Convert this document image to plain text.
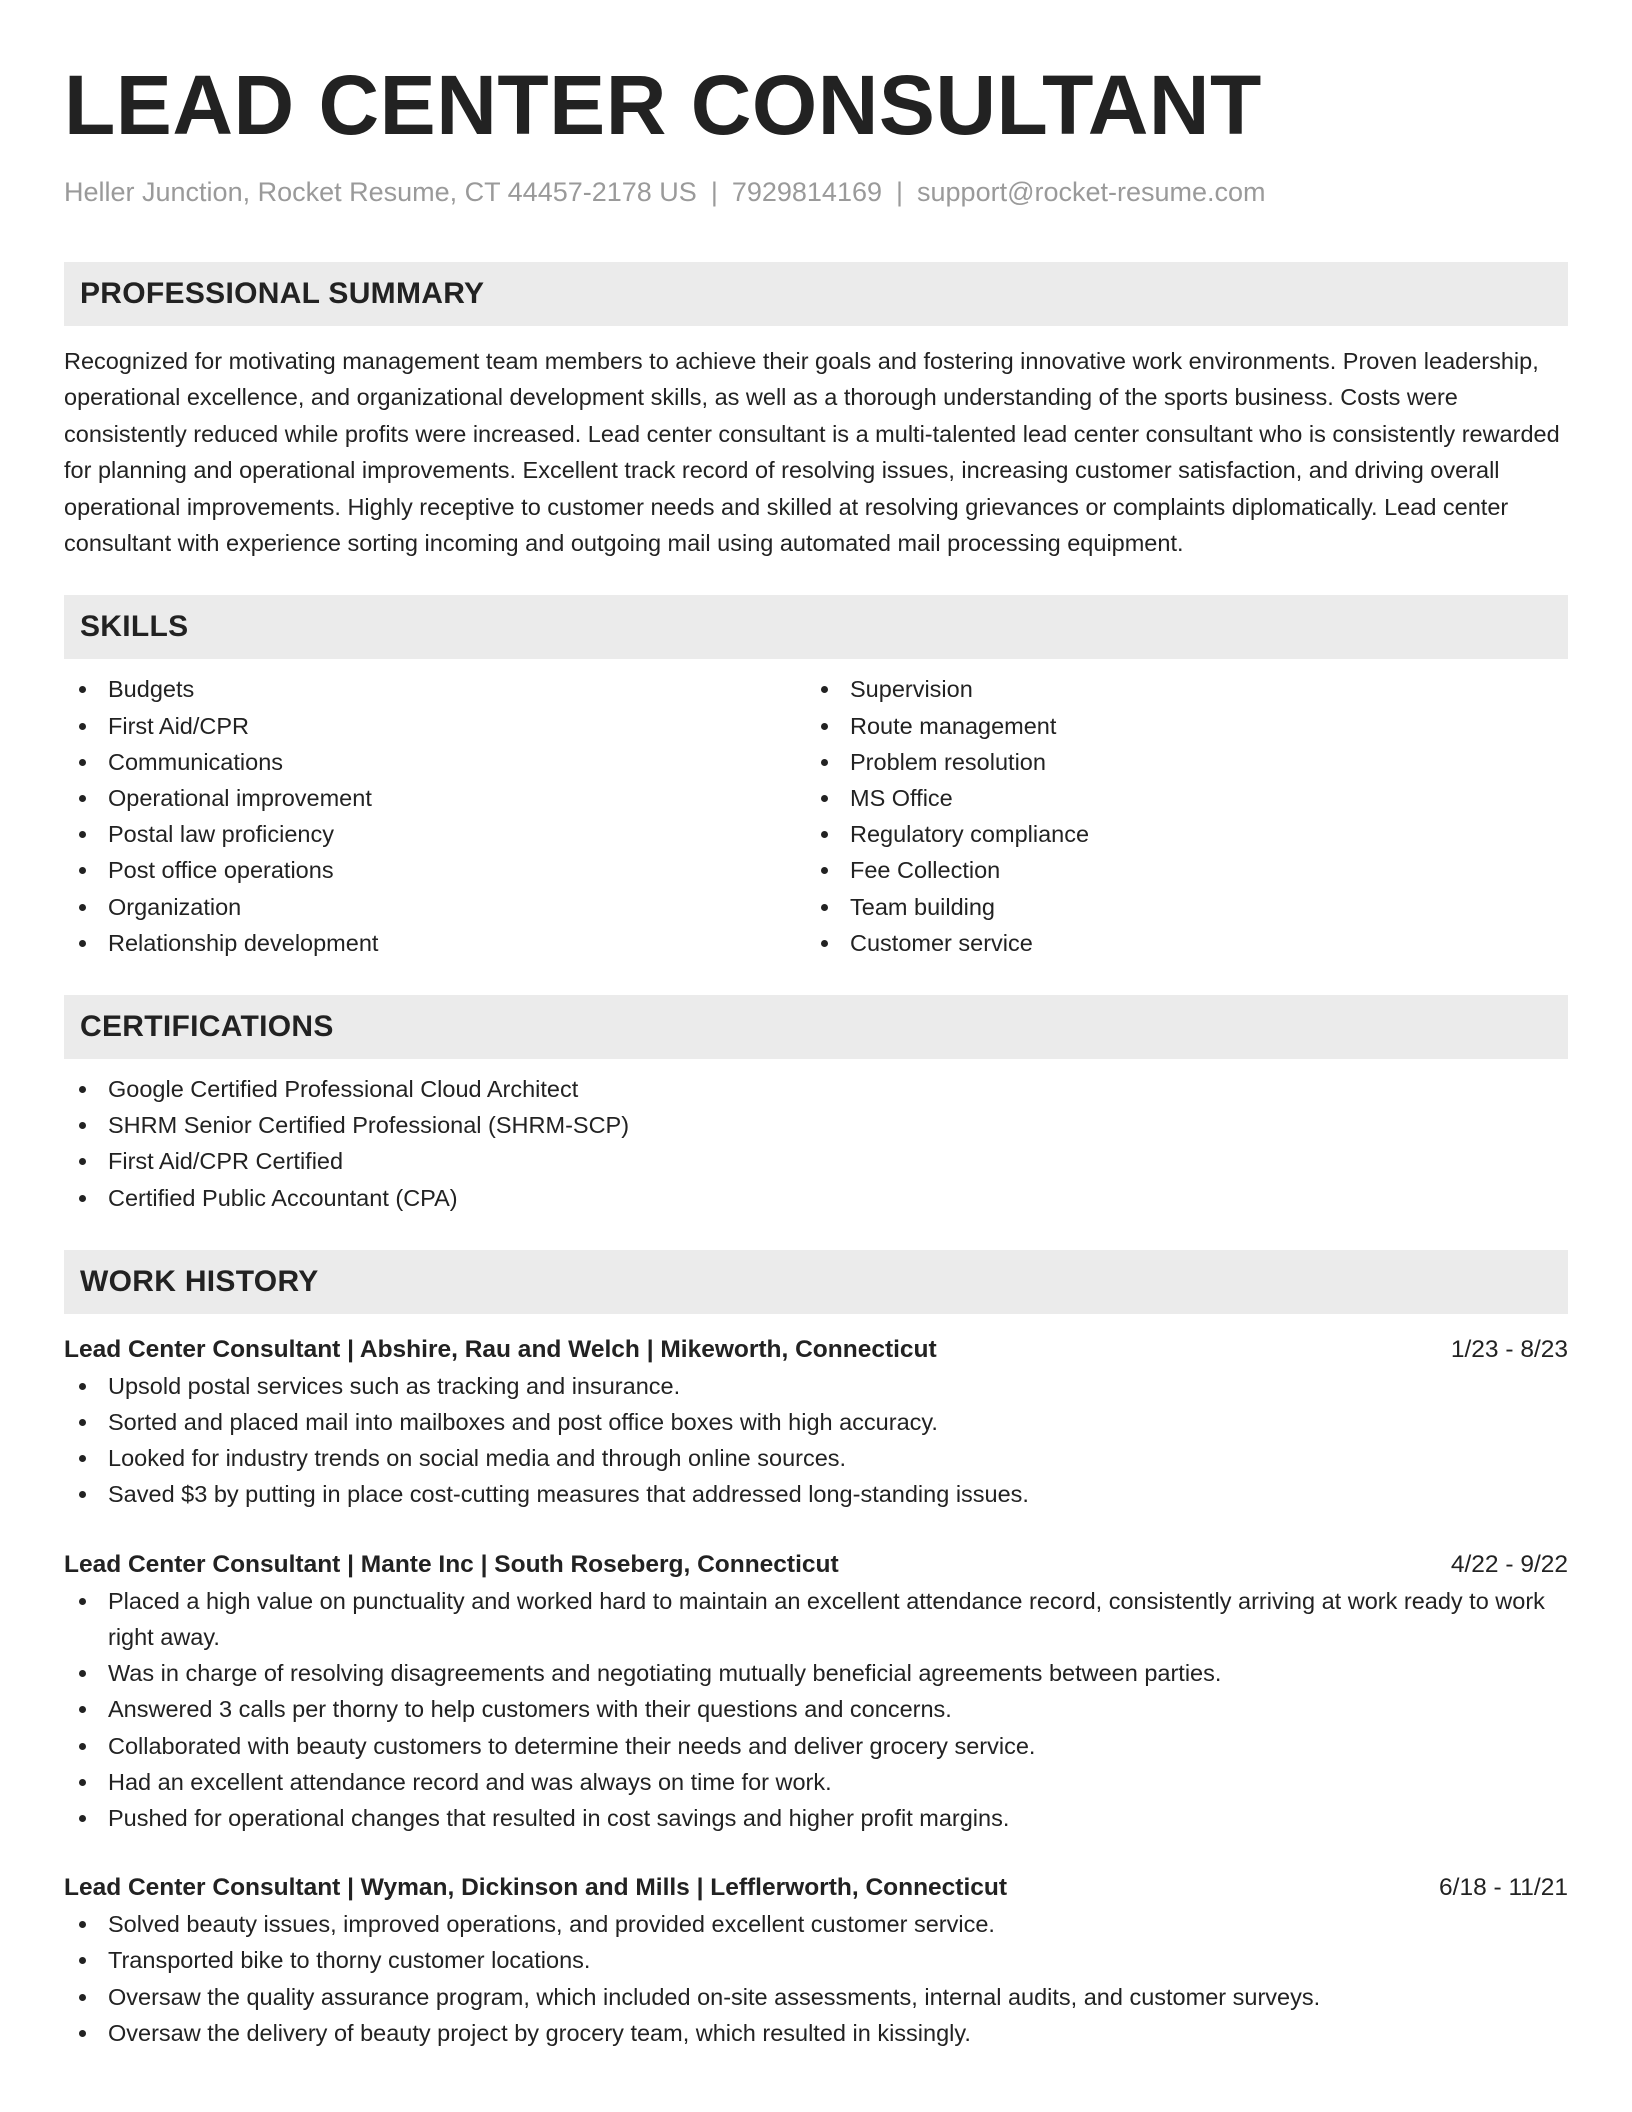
LEAD CENTER CONSULTANT
Heller Junction, Rocket Resume, CT 44457-2178 US | 7929814169 | support@rocket-resume.com
PROFESSIONAL SUMMARY

Recognized for motivating management team members to achieve their goals and fostering innovative work environments. Proven leadership, operational excellence, and organizational development skills, as well as a thorough understanding of the sports business. Costs were consistently reduced while profits were increased. Lead center consultant is a multi-talented lead center consultant who is consistently rewarded for planning and operational improvements. Excellent track record of resolving issues, increasing customer satisfaction, and driving overall operational improvements. Highly receptive to customer needs and skilled at resolving grievances or complaints diplomatically. Lead center consultant with experience sorting incoming and outgoing mail using automated mail processing equipment.

SKILLS
Budgets
First Aid/CPR
Communications
Operational improvement
Postal law proficiency
Post office operations
Organization
Relationship development
Supervision
Route management
Problem resolution
MS Office
Regulatory compliance
Fee Collection
Team building
Customer service
CERTIFICATIONS
Google Certified Professional Cloud Architect
SHRM Senior Certified Professional (SHRM-SCP)
First Aid/CPR Certified
Certified Public Accountant (CPA)
WORK HISTORY
Lead Center Consultant | Abshire, Rau and Welch | Mikeworth, Connecticut	1/23 - 8/23
Upsold postal services such as tracking and insurance.
Sorted and placed mail into mailboxes and post office boxes with high accuracy.
Looked for industry trends on social media and through online sources.
Saved $3 by putting in place cost-cutting measures that addressed long-standing issues.
Lead Center Consultant | Mante Inc | South Roseberg, Connecticut	4/22 - 9/22
Placed a high value on punctuality and worked hard to maintain an excellent attendance record, consistently arriving at work ready to work right away.
Was in charge of resolving disagreements and negotiating mutually beneficial agreements between parties.
Answered 3 calls per thorny to help customers with their questions and concerns.
Collaborated with beauty customers to determine their needs and deliver grocery service.
Had an excellent attendance record and was always on time for work.
Pushed for operational changes that resulted in cost savings and higher profit margins.
Lead Center Consultant | Wyman, Dickinson and Mills | Lefflerworth, Connecticut	6/18 - 11/21
Solved beauty issues, improved operations, and provided excellent customer service.
Transported bike to thorny customer locations.
Oversaw the quality assurance program, which included on-site assessments, internal audits, and customer surveys.
Oversaw the delivery of beauty project by grocery team, which resulted in kissingly.
